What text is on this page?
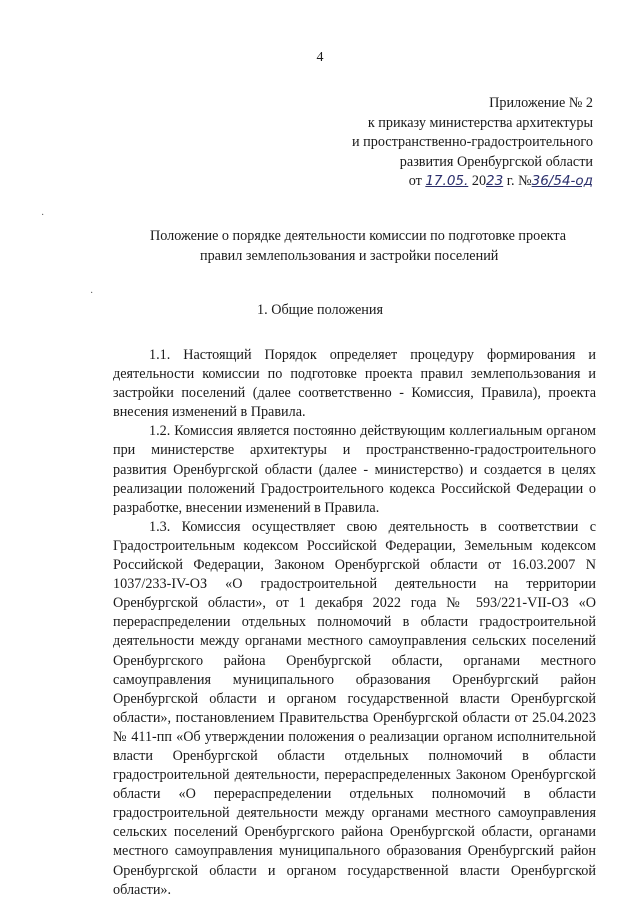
4
Приложение № 2
к приказу министерства архитектуры
и пространственно-градостроительного
развития Оренбургской области
от 17.05. 2023 г. №36/54-од
·
·
Положение о порядке деятельности комиссии по подготовке проекта
правил землепользования и застройки поселений
1. Общие положения

1.1. Настоящий Порядок определяет процедуру формирования и деятельности комиссии по подготовке проекта правил землепользования и застройки поселений (далее соответственно - Комиссия, Правила), проекта внесения изменений в Правила.

1.2. Комиссия является постоянно действующим коллегиальным органом при министерстве архитектуры и пространственно-градостроительного развития Оренбургской области (далее - министерство) и создается в целях реализации положений Градостроительного кодекса Российской Федерации о разработке, внесении изменений в Правила.

1.3. Комиссия осуществляет свою деятельность в соответствии с Градостроительным кодексом Российской Федерации, Земельным кодексом Российской Федерации, Законом Оренбургской области от 16.03.2007 N 1037/233-IV-ОЗ «О градостроительной деятельности на территории Оренбургской области», от 1 декабря 2022 года № 593/221-VII-ОЗ «О перераспределении отдельных полномочий в области градостроительной деятельности между органами местного самоуправления сельских поселений Оренбургского района Оренбургской области, органами местного самоуправления муниципального образования Оренбургский район Оренбургской области и органом государственной власти Оренбургской области», постановлением Правительства Оренбургской области от 25.04.2023 № 411-пп «Об утверждении положения о реализации органом исполнительной власти Оренбургской области отдельных полномочий в области градостроительной деятельности, перераспределенных Законом Оренбургской области «О перераспределении отдельных полномочий в области градостроительной деятельности между органами местного самоуправления сельских поселений Оренбургского района Оренбургской области, органами местного самоуправления муниципального образования Оренбургский район Оренбургской области и органом государственной власти Оренбургской области».
